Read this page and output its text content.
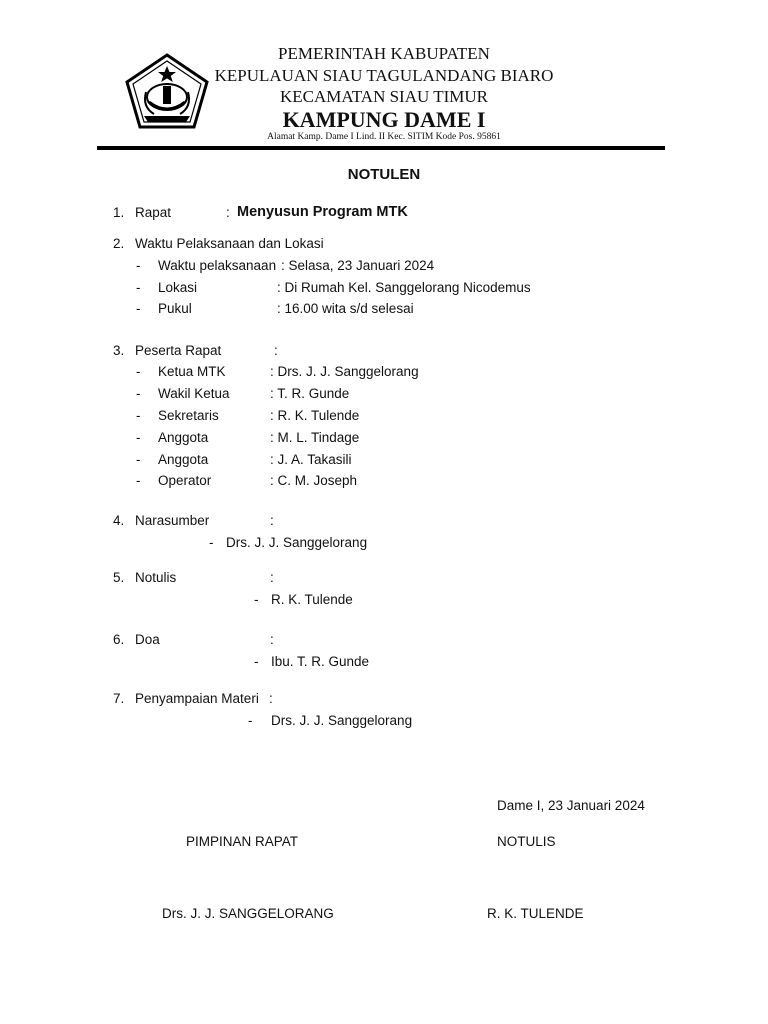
PEMERINTAH KABUPATEN
KEPULAUAN SIAU TAGULANDANG BIARO
KECAMATAN SIAU TIMUR
KAMPUNG DAME I
Alamat Kamp. Dame I Lind. II Kec. SITIM Kode Pos. 95861
NOTULEN
1. Rapat	: Menyusun Program MTK
2. Waktu Pelaksanaan dan Lokasi
- Waktu pelaksanaan : Selasa, 23 Januari 2024
- Lokasi	: Di Rumah Kel. Sanggelorang Nicodemus
- Pukul	: 16.00 wita s/d selesai
3. Peserta Rapat	:
- Ketua MTK	: Drs. J. J. Sanggelorang
- Wakil Ketua	: T. R. Gunde
- Sekretaris	: R. K. Tulende
- Anggota	: M. L. Tindage
- Anggota	: J. A. Takasili
- Operator	: C. M. Joseph
4. Narasumber	:
- Drs. J. J. Sanggelorang
5. Notulis	:
- R. K. Tulende
6. Doa	:
- Ibu. T. R. Gunde
7. Penyampaian Materi :
- Drs. J. J. Sanggelorang
Dame I, 23 Januari 2024
PIMPINAN RAPAT	NOTULIS
Drs. J. J. SANGGELORANG	R. K. TULENDE
